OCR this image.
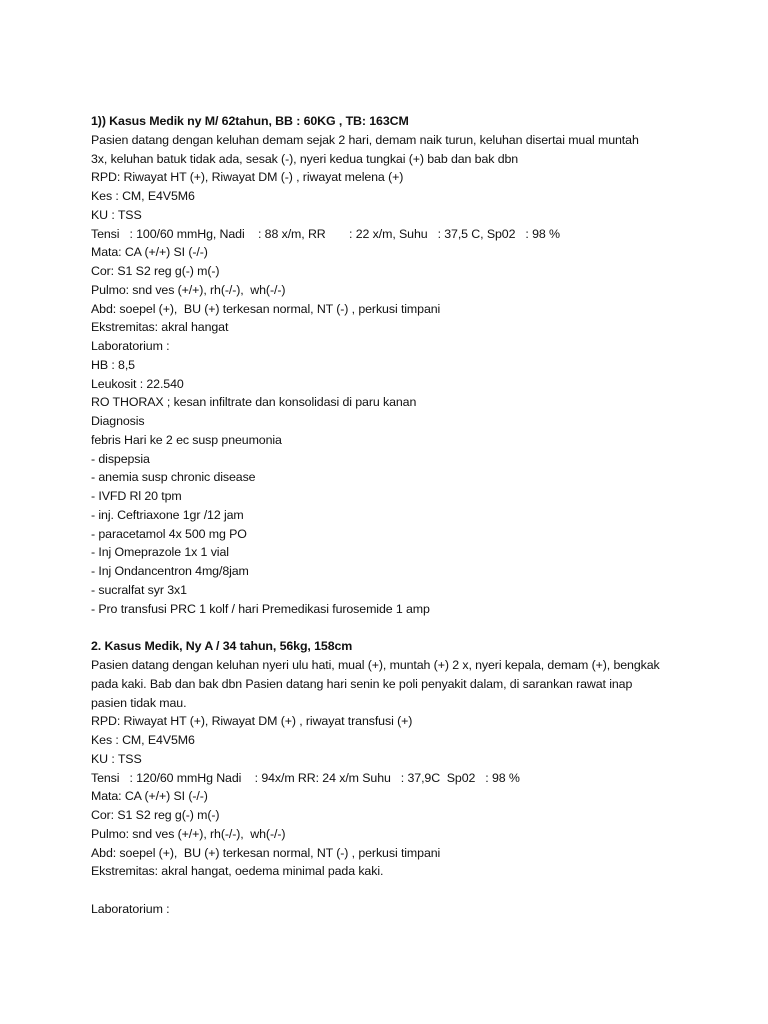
1)) Kasus Medik ny M/ 62tahun, BB : 60KG , TB: 163CM
Pasien datang dengan keluhan demam sejak 2 hari, demam naik turun, keluhan disertai mual muntah
3x, keluhan batuk tidak ada, sesak (-), nyeri kedua tungkai (+) bab dan bak dbn
RPD: Riwayat HT (+), Riwayat DM (-) , riwayat melena (+)
Kes : CM, E4V5M6
KU : TSS
Tensi   : 100/60 mmHg, Nadi    : 88 x/m, RR       : 22 x/m, Suhu   : 37,5 C, Sp02   : 98 %
Mata: CA (+/+) SI (-/-)
Cor: S1 S2 reg g(-) m(-)
Pulmo: snd ves (+/+), rh(-/-),  wh(-/-)
Abd: soepel (+),  BU (+) terkesan normal, NT (-) , perkusi timpani
Ekstremitas: akral hangat
Laboratorium :
HB : 8,5
Leukosit : 22.540
RO THORAX ; kesan infiltrate dan konsolidasi di paru kanan
Diagnosis
febris Hari ke 2 ec susp pneumonia
- dispepsia
- anemia susp chronic disease
- IVFD Rl 20 tpm
- inj. Ceftriaxone 1gr /12 jam
- paracetamol 4x 500 mg PO
- Inj Omeprazole 1x 1 vial
- Inj Ondancentron 4mg/8jam
- sucralfat syr 3x1
- Pro transfusi PRC 1 kolf / hari Premedikasi furosemide 1 amp
2. Kasus Medik, Ny A / 34 tahun, 56kg, 158cm
Pasien datang dengan keluhan nyeri ulu hati, mual (+), muntah (+) 2 x, nyeri kepala, demam (+), bengkak
pada kaki. Bab dan bak dbn Pasien datang hari senin ke poli penyakit dalam, di sarankan rawat inap
pasien tidak mau.
RPD: Riwayat HT (+), Riwayat DM (+) , riwayat transfusi (+)
Kes : CM, E4V5M6
KU : TSS
Tensi   : 120/60 mmHg Nadi    : 94x/m RR: 24 x/m Suhu   : 37,9C  Sp02   : 98 %
Mata: CA (+/+) SI (-/-)
Cor: S1 S2 reg g(-) m(-)
Pulmo: snd ves (+/+), rh(-/-),  wh(-/-)
Abd: soepel (+),  BU (+) terkesan normal, NT (-) , perkusi timpani
Ekstremitas: akral hangat, oedema minimal pada kaki.
Laboratorium :
